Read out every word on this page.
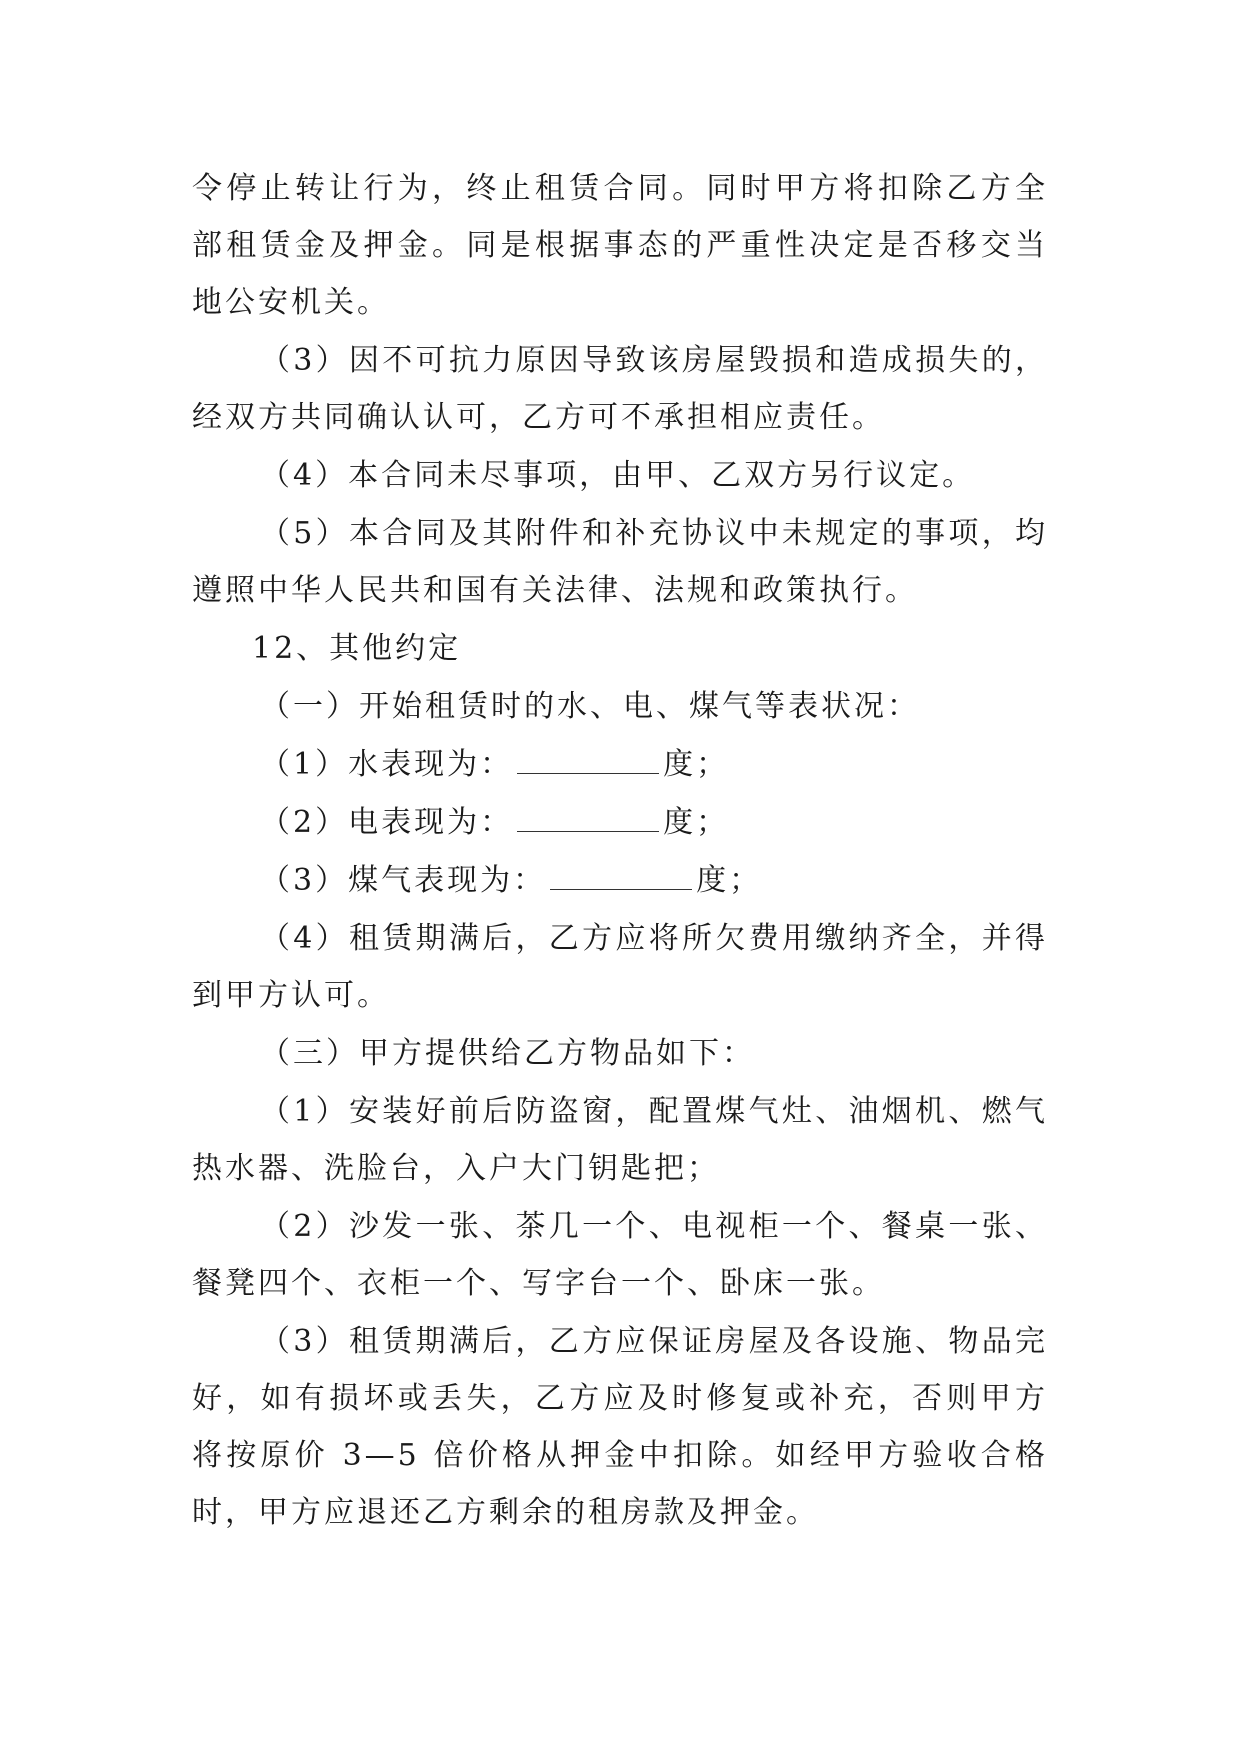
令停止转让行为，终止租赁合同。同时甲方将扣除乙方全部租赁金及押金。同是根据事态的严重性决定是否移交当地公安机关。

（3）因不可抗力原因导致该房屋毁损和造成损失的，经双方共同确认认可，乙方可不承担相应责任。

（4）本合同未尽事项，由甲、乙双方另行议定。

（5）本合同及其附件和补充协议中未规定的事项，均遵照中华人民共和国有关法律、法规和政策执行。

12、其他约定

（一）开始租赁时的水、电、煤气等表状况：

（1）水表现为：	度；

（2）电表现为：	度；

（3）煤气表现为：	度；

（4）租赁期满后，乙方应将所欠费用缴纳齐全，并得到甲方认可。

（三）甲方提供给乙方物品如下：

（1）安装好前后防盗窗，配置煤气灶、油烟机、燃气热水器、洗脸台，入户大门钥匙把；

（2）沙发一张、茶几一个、电视柜一个、餐桌一张、餐凳四个、衣柜一个、写字台一个、卧床一张。

（3）租赁期满后，乙方应保证房屋及各设施、物品完好，如有损坏或丢失，乙方应及时修复或补充，否则甲方将按原价 3—5 倍价格从押金中扣除。如经甲方验收合格时，甲方应退还乙方剩余的租房款及押金。
